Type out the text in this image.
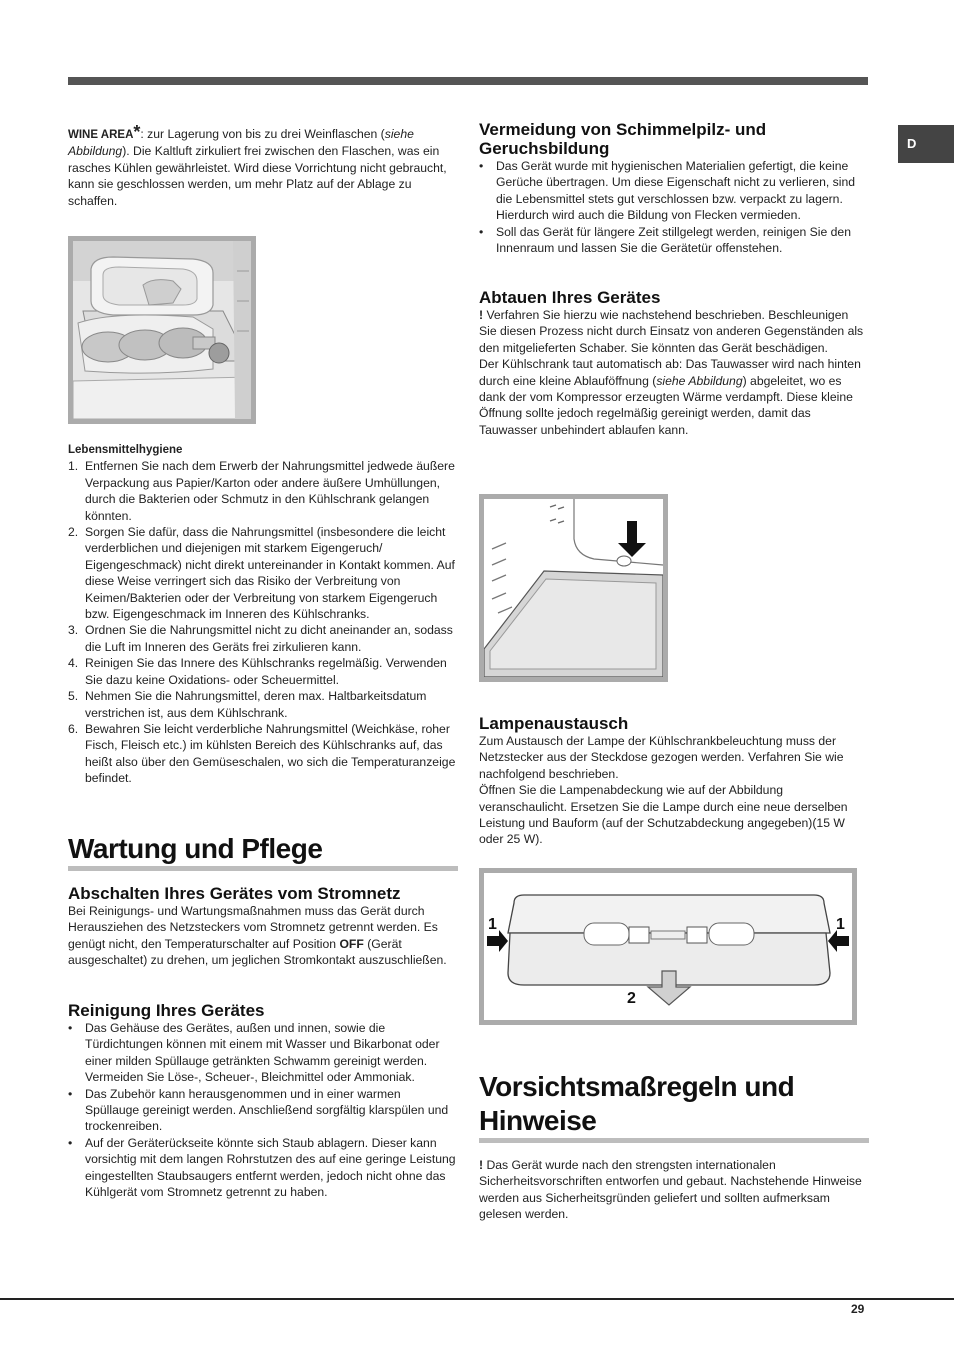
D

WINE AREA*: zur Lagerung von bis zu drei Weinflaschen (siehe Abbildung). Die Kaltluft zirkuliert frei zwischen den Flaschen, was ein rasches Kühlen gewährleistet. Wird diese Vorrichtung nicht gebraucht, kann sie geschlossen werden, um mehr Platz auf der Ablage zu schaffen.

Lebensmittelhygiene

1. Entfernen Sie nach dem Erwerb der Nahrungsmittel jedwede äußere Verpackung aus Papier/Karton oder andere äußere Umhüllungen, durch die Bakterien oder Schmutz in den Kühlschrank gelangen könnten.
2. Sorgen Sie dafür, dass die Nahrungsmittel (insbesondere die leicht verderblichen und diejenigen mit starkem Eigengeruch/ Eigengeschmack) nicht direkt untereinander in Kontakt kommen. Auf diese Weise verringert sich das Risiko der Verbreitung von Keimen/Bakterien oder der Verbreitung von starkem Eigengeruch bzw. Eigengeschmack im Inneren des Kühlschranks.
3. Ordnen Sie die Nahrungsmittel nicht zu dicht aneinander an, sodass die Luft im Inneren des Geräts frei zirkulieren kann.
4. Reinigen Sie das Innere des Kühlschranks regelmäßig. Verwenden Sie dazu keine Oxidations- oder Scheuermittel.
5. Nehmen Sie die Nahrungsmittel, deren max. Haltbarkeitsdatum verstrichen ist, aus dem Kühlschrank.
6. Bewahren Sie leicht verderbliche Nahrungsmittel (Weichkäse, roher Fisch, Fleisch etc.) im kühlsten Bereich des Kühlschranks auf, das heißt also über den Gemüseschalen, wo sich die Temperaturanzeige befindet.
Wartung und Pflege
Abschalten Ihres Gerätes vom Stromnetz

Bei Reinigungs- und Wartungsmaßnahmen muss das Gerät durch Herausziehen des Netzsteckers vom Stromnetz getrennt werden. Es genügt nicht, den Temperaturschalter auf Position OFF (Gerät ausgeschaltet) zu drehen, um jeglichen Stromkontakt auszuschließen.

Reinigung Ihres Gerätes
• Das Gehäuse des Gerätes, außen und innen, sowie die Türdichtungen können mit einem mit Wasser und Bikarbonat oder einer milden Spüllauge getränkten Schwamm gereinigt werden. Vermeiden Sie Löse-, Scheuer-, Bleichmittel oder Ammoniak.
• Das Zubehör kann herausgenommen und in einer warmen Spüllauge gereinigt werden. Anschließend sorgfältig klarspülen und trockenreiben.
• Auf der Geräterückseite könnte sich Staub ablagern. Dieser kann vorsichtig mit dem langen Rohrstutzen des auf eine geringe Leistung eingestellten Staubsaugers entfernt werden, jedoch nicht ohne das Kühlgerät vom Stromnetz getrennt zu haben.
Vermeidung von Schimmelpilz- und
Geruchsbildung
• Das Gerät wurde mit hygienischen Materialien gefertigt, die keine Gerüche übertragen. Um diese Eigenschaft nicht zu verlieren, sind die Lebensmittel stets gut verschlossen bzw. verpackt zu lagern. Hierdurch wird auch die Bildung von Flecken vermieden.
• Soll das Gerät für längere Zeit stillgelegt werden, reinigen Sie den Innenraum und lassen Sie die Gerätetür offenstehen.
Abtauen Ihres Gerätes

! Verfahren Sie hierzu wie nachstehend beschrieben. Beschleunigen Sie diesen Prozess nicht durch Einsatz von anderen Gegenständen als den mitgelieferten Schaber. Sie könnten das Gerät beschädigen.

Der Kühlschrank taut automatisch ab: Das Tauwasser wird nach hinten durch eine kleine Ablauföffnung (siehe Abbildung) abgeleitet, wo es dank der vom Kompressor erzeugten Wärme verdampft. Diese kleine Öffnung sollte jedoch regelmäßig gereinigt werden, damit das Tauwasser unbehindert ablaufen kann.

Lampenaustausch

Zum Austausch der Lampe der Kühlschrankbeleuchtung muss der Netzstecker aus der Steckdose gezogen werden. Verfahren Sie wie nachfolgend beschrieben.

Öffnen Sie die Lampenabdeckung wie auf der Abbildung veranschaulicht. Ersetzen Sie die Lampe durch eine neue derselben Leistung und Bauform (auf der Schutzabdeckung angegeben)(15 W oder 25 W).

1	1
2
Vorsichtsmaßregeln und
Hinweise

! Das Gerät wurde nach den strengsten internationalen Sicherheitsvorschriften entworfen und gebaut. Nachstehende Hinweise werden aus Sicherheitsgründen geliefert und sollten aufmerksam gelesen werden.

29
